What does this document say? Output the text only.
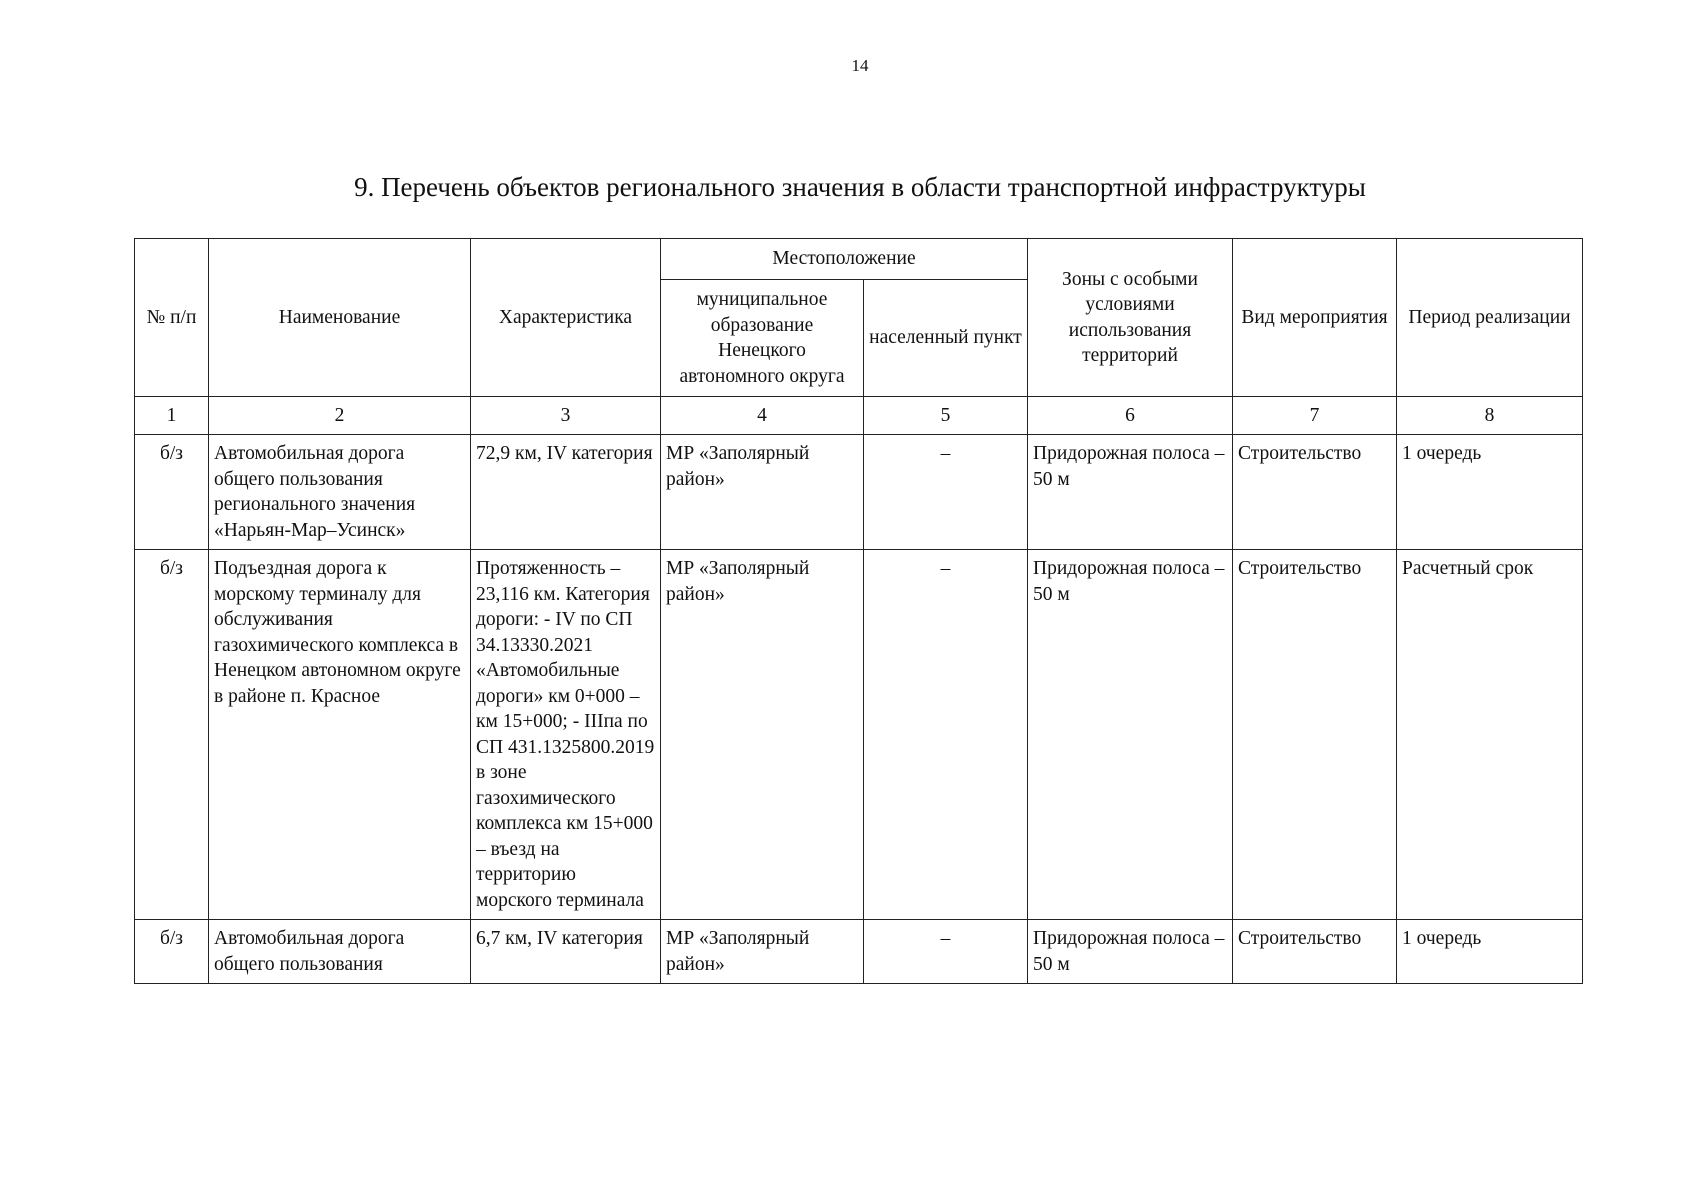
14
9. Перечень объектов регионального значения в области транспортной инфраструктуры
№ п/п	Наименование	Характеристика	Местоположение		Зоны с особыми условиями использования территорий	Вид мероприятия	Период реализации
			муниципальное образование Ненецкого автономного округа	населенный пункт			
1	2	3	4	5	6	7	8
б/з	Автомобильная дорога общего пользования регионального значения «Нарьян-Мар–Усинск»	72,9 км, IV категория	МР «Заполярный район»	–	Придорожная полоса – 50 м	Строительство	1 очередь
б/з	Подъездная дорога к морскому терминалу для обслуживания газохимического комплекса в Ненецком автономном округе в районе п. Красное	Протяженность – 23,116 км. Категория дороги: - IV по СП 34.13330.2021 «Автомобильные дороги» км 0+000 – км 15+000; - IIIпа по СП 431.1325800.2019 в зоне газохимического комплекса км 15+000 – въезд на территорию морского терминала	МР «Заполярный район»	–	Придорожная полоса – 50 м	Строительство	Расчетный срок
б/з	Автомобильная дорога общего пользования	6,7 км, IV категория	МР «Заполярный район»	–	Придорожная полоса – 50 м	Строительство	1 очередь
